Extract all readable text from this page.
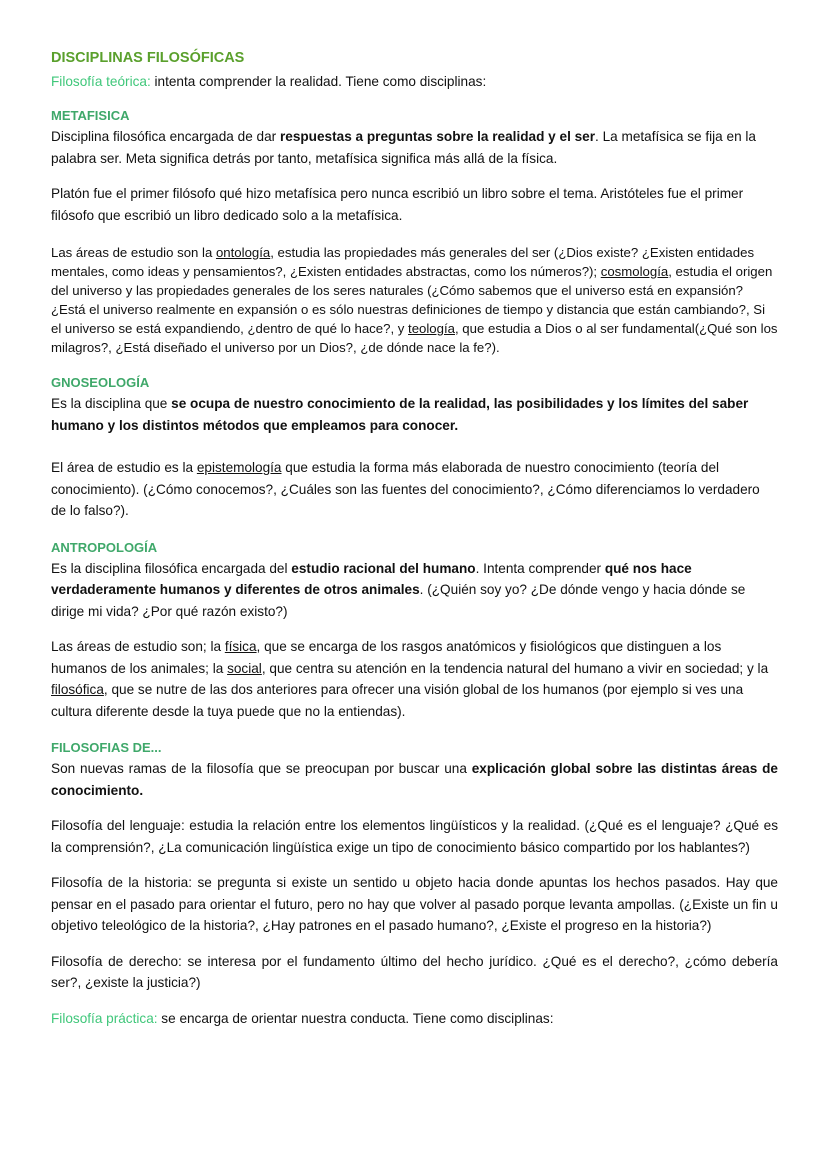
DISCIPLINAS FILOSÓFICAS

Filosofía teórica: intenta comprender la realidad. Tiene como disciplinas:

METAFISICA

Disciplina filosófica encargada de dar respuestas a preguntas sobre la realidad y el ser. La metafísica se fija en la palabra ser. Meta significa detrás por tanto, metafísica significa más allá de la física.

Platón fue el primer filósofo qué hizo metafísica pero nunca escribió un libro sobre el tema. Aristóteles fue el primer filósofo que escribió un libro dedicado solo a la metafísica.

Las áreas de estudio son la ontología, estudia las propiedades más generales del ser (¿Dios existe? ¿Existen entidades mentales, como ideas y pensamientos?, ¿Existen entidades abstractas, como los números?); cosmología, estudia el origen del universo y las propiedades generales de los seres naturales (¿Cómo sabemos que el universo está en expansión? ¿Está el universo realmente en expansión o es sólo nuestras definiciones de tiempo y distancia que están cambiando?, Si el universo se está expandiendo, ¿dentro de qué lo hace?, y teología, que estudia a Dios o al ser fundamental(¿Qué son los milagros?, ¿Está diseñado el universo por un Dios?, ¿de dónde nace la fe?).

GNOSEOLOGÍA

Es la disciplina que se ocupa de nuestro conocimiento de la realidad, las posibilidades y los límites del saber humano y los distintos métodos que empleamos para conocer.

El área de estudio es la epistemología que estudia la forma más elaborada de nuestro conocimiento (teoría del conocimiento). (¿Cómo conocemos?, ¿Cuáles son las fuentes del conocimiento?, ¿Cómo diferenciamos lo verdadero de lo falso?).

ANTROPOLOGÍA

Es la disciplina filosófica encargada del estudio racional del humano. Intenta comprender qué nos hace verdaderamente humanos y diferentes de otros animales. (¿Quién soy yo? ¿De dónde vengo y hacia dónde se dirige mi vida? ¿Por qué razón existo?)

Las áreas de estudio son; la física, que se encarga de los rasgos anatómicos y fisiológicos que distinguen a los humanos de los animales; la social, que centra su atención en la tendencia natural del humano a vivir en sociedad; y la filosófica, que se nutre de las dos anteriores para ofrecer una visión global de los humanos (por ejemplo si ves una cultura diferente desde la tuya puede que no la entiendas).

FILOSOFIAS DE...

Son nuevas ramas de la filosofía que se preocupan por buscar una explicación global sobre las distintas áreas de conocimiento.

Filosofía del lenguaje: estudia la relación entre los elementos lingüísticos y la realidad. (¿Qué es el lenguaje? ¿Qué es la comprensión?, ¿La comunicación lingüística exige un tipo de conocimiento básico compartido por los hablantes?)

Filosofía de la historia: se pregunta si existe un sentido u objeto hacia donde apuntas los hechos pasados. Hay que pensar en el pasado para orientar el futuro, pero no hay que volver al pasado porque levanta ampollas. (¿Existe un fin u objetivo teleológico de la historia?, ¿Hay patrones en el pasado humano?, ¿Existe el progreso en la historia?)

Filosofía de derecho: se interesa por el fundamento último del hecho jurídico. ¿Qué es el derecho?, ¿cómo debería ser?, ¿existe la justicia?)

Filosofía práctica: se encarga de orientar nuestra conducta. Tiene como disciplinas:
